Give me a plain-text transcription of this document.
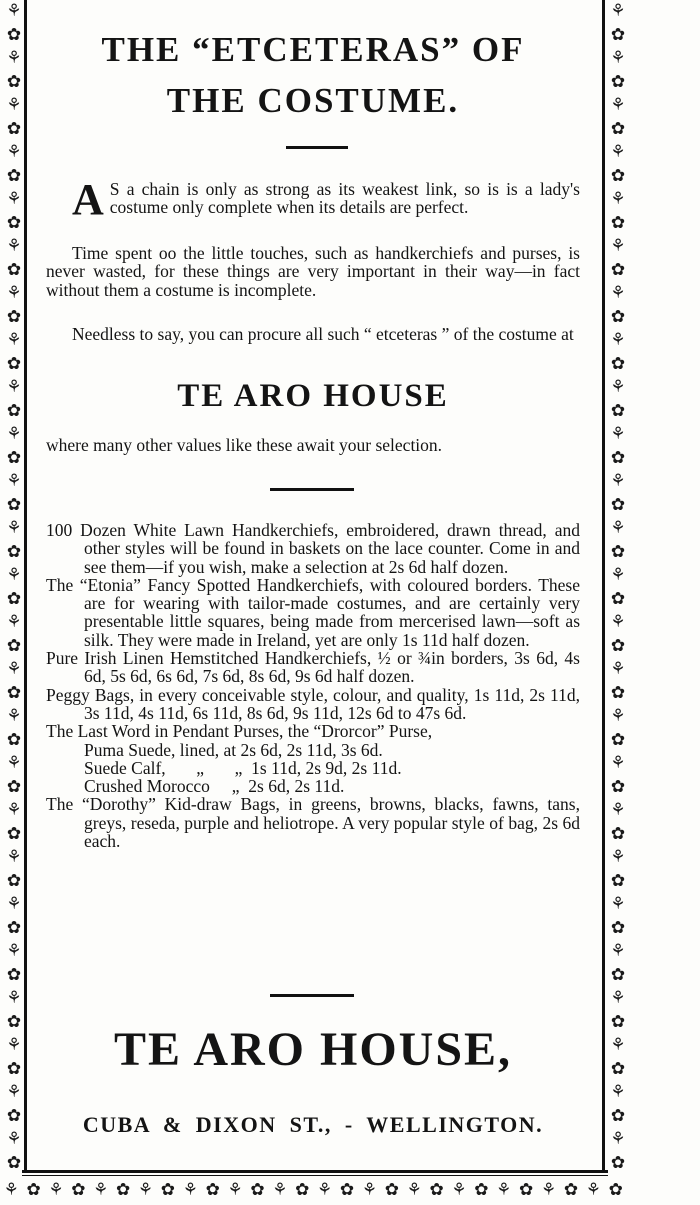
⚘
✿
⚘
✿
⚘
✿
⚘
✿
⚘
✿
⚘
✿
⚘
✿
⚘
✿
⚘
✿
⚘
✿
⚘
✿
⚘
✿
⚘
✿
⚘
✿
⚘
✿
⚘
✿
⚘
✿
⚘
✿
⚘
✿
⚘
✿
⚘
✿
⚘
✿
⚘
✿
⚘
✿
⚘
✿
⚘
✿
⚘
✿
⚘
✿
⚘
✿
⚘
✿
⚘
✿
⚘
✿
⚘
✿
⚘
✿
⚘
✿
⚘
✿
⚘
✿
⚘
✿
⚘
✿
⚘
✿
⚘
✿
⚘
✿
⚘
✿
⚘
✿
⚘
✿
⚘
✿
⚘
✿
⚘
✿
⚘
✿
⚘
✿
⚘ ✿ ⚘ ✿ ⚘ ✿ ⚘ ✿ ⚘ ✿ ⚘ ✿ ⚘ ✿ ⚘ ✿ ⚘ ✿ ⚘ ✿ ⚘ ✿ ⚘ ✿ ⚘ ✿ ⚘ ✿
THE “ETCETERAS” OF
THE COSTUME.
A S a chain is only as strong as its weakest link, so is is a lady's costume only complete when its details are perfect.

Time spent oo the little touches, such as handkerchiefs and purses, is never wasted, for these things are very important in their way—in fact without them a costume is incomplete.

Needless to say, you can procure all such “ etceteras ” of the costume at

TE ARO HOUSE

where many other values like these await your selection.

100 Dozen White Lawn Handkerchiefs, embroidered, drawn thread, and other styles will be found in baskets on the lace counter. Come in and see them—if you wish, make a selection at 2s 6d half dozen.

The “Etonia” Fancy Spotted Handkerchiefs, with coloured borders. These are for wearing with tailor-made costumes, and are certainly very presentable little squares, being made from mercerised lawn—soft as silk. They were made in Ireland, yet are only 1s 11d half dozen.

Pure Irish Linen Hemstitched Handkerchiefs, ½ or ¾in borders, 3s 6d, 4s 6d, 5s 6d, 6s 6d, 7s 6d, 8s 6d, 9s 6d half dozen.

Peggy Bags, in every conceivable style, colour, and quality, 1s 11d, 2s 11d, 3s 11d, 4s 11d, 6s 11d, 8s 6d, 9s 11d, 12s 6d to 47s 6d.

The Last Word in Pendant Purses, the “Drorcor” Purse,

Puma Suede, lined, at 2s 6d, 2s 11d, 3s 6d.

Suede Calf,       „       „  1s 11d, 2s 9d, 2s 11d.

Crushed Morocco     „  2s 6d, 2s 11d.

The “Dorothy” Kid-draw Bags, in greens, browns, blacks, fawns, tans, greys, reseda, purple and heliotrope. A very popular style of bag, 2s 6d each.

TE ARO HOUSE,
CUBA & DIXON ST., - WELLINGTON.
